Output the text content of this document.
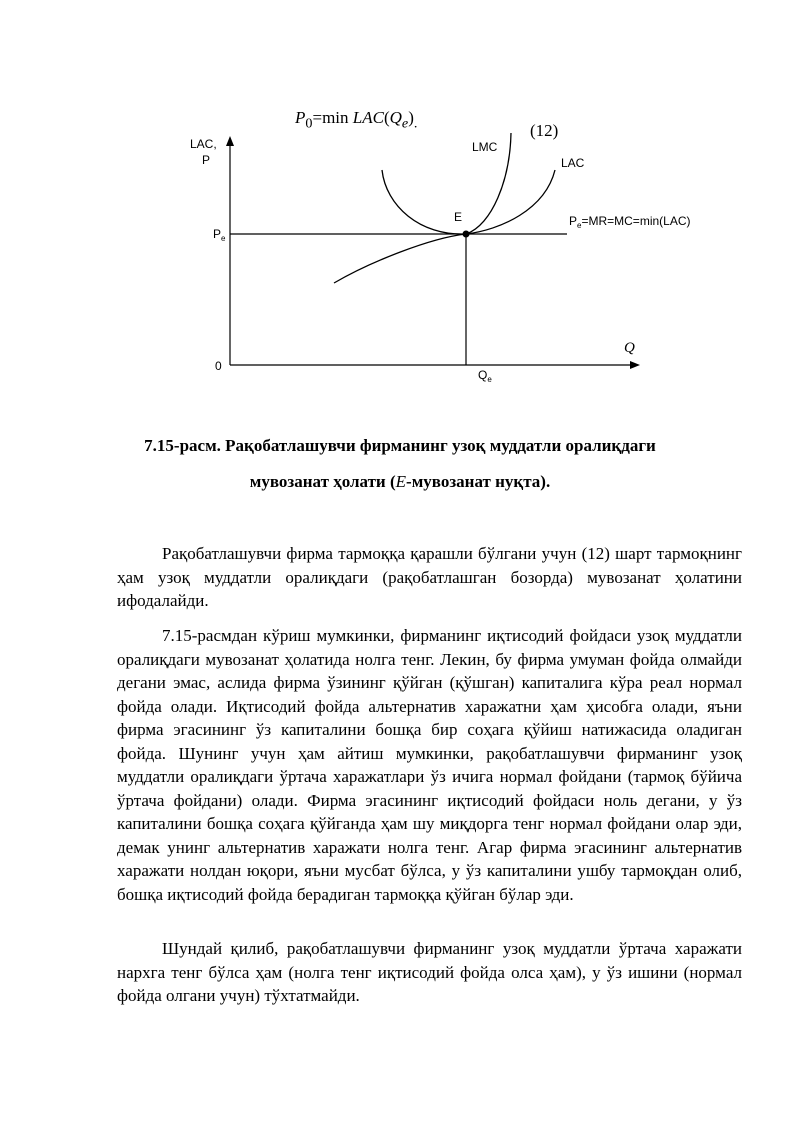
$P_0=\min$ $LAC(Q_e)_.$	(12)
LAC,
P
$P_e$
0
$Q_e$
Q
E
LMC
LAC
$P_e=MR=MC=\min(LAC)$
7.15-расм. Рақобатлашувчи фирманинг узоқ муддатли оралиқдаги
мувозанат ҳолати (E-мувозанат нуқта).

Рақобатлашувчи фирма тармоққа қарашли бўлгани учун (12) шарт тармоқнинг ҳам узоқ муддатли оралиқдаги (рақобатлашган бозорда) мувозанат ҳолатини ифодалайди.

7.15-расмдан кўриш мумкинки, фирманинг иқтисодий фойдаси узоқ муддатли оралиқдаги мувозанат ҳолатида нолга тенг. Лекин, бу фирма умуман фойда олмайди дегани эмас, аслида фирма ўзининг қўйган (қўшган) капиталига кўра реал нормал фойда олади. Иқтисодий фойда альтернатив харажатни ҳам ҳисобга олади, яъни фирма эгасининг ўз капиталини бошқа бир соҳага қўйиш натижасида оладиган фойда. Шунинг учун ҳам айтиш мумкинки, рақобатлашувчи фирманинг узоқ муддатли оралиқдаги ўртача харажатлари ўз ичига нормал фойдани (тармоқ бўйича ўртача фойдани) олади. Фирма эгасининг иқтисодий фойдаси ноль дегани, у ўз капиталини бошқа соҳага қўйганда ҳам шу миқдорга тенг нормал фойдани олар эди, демак унинг альтернатив харажати нолга тенг. Агар фирма эгасининг альтернатив харажати нолдан юқори, яъни мусбат бўлса, у ўз капиталини ушбу тармоқдан олиб, бошқа иқтисодий фойда берадиган тармоққа қўйган бўлар эди.

Шундай қилиб, рақобатлашувчи фирманинг узоқ муддатли ўртача харажати нархга тенг бўлса ҳам (нолга тенг иқтисодий фойда олса ҳам), у ўз ишини (нормал фойда олгани учун) тўхтатмайди.
